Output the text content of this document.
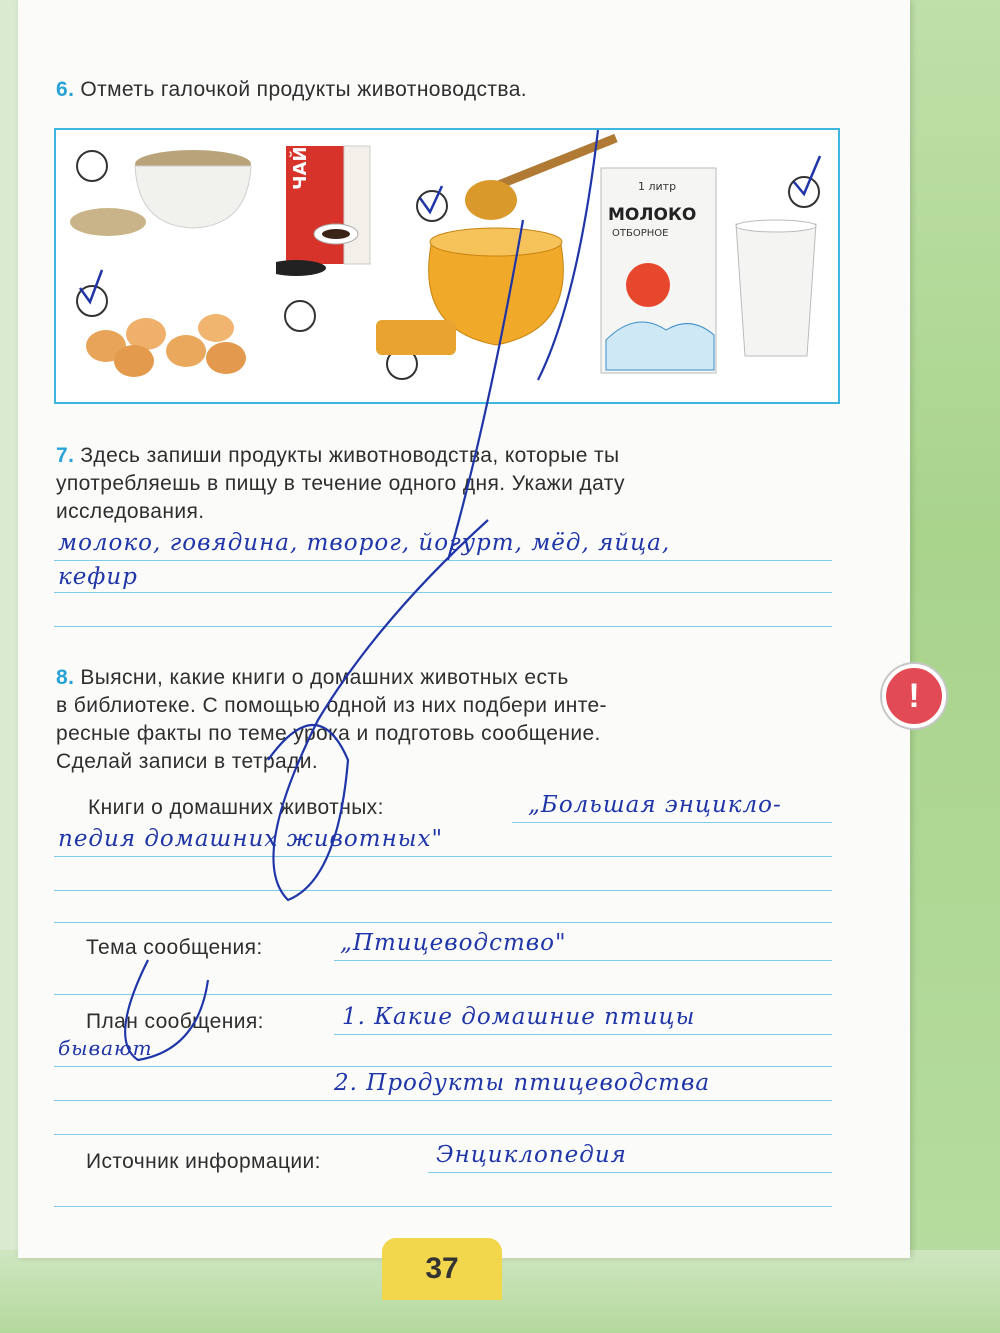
6. Отметь галочкой продукты животноводства.
ЧАЙ	1 литр
МОЛОКО
ОТБОРНОЕ
7. Здесь запиши продукты животноводства, которые ты
употребляешь в пищу в течение одного дня. Укажи дату
исследования.
молоко, говядина, творог, йогурт, мёд, яйца,
кефир
8. Выясни, какие книги о домашних животных есть
в библиотеке. С помощью одной из них подбери инте-
ресные факты по теме урока и подготовь сообщение.
Сделай записи в тетради.
Книги о домашних животных:	„Большая энцикло-
педия домашних животных"
Тема сообщения:	„Птицеводство"
План сообщения:	1. Какие домашние птицы
бывают
2. Продукты птицеводства
Источник информации:	Энциклопедия
!
37
